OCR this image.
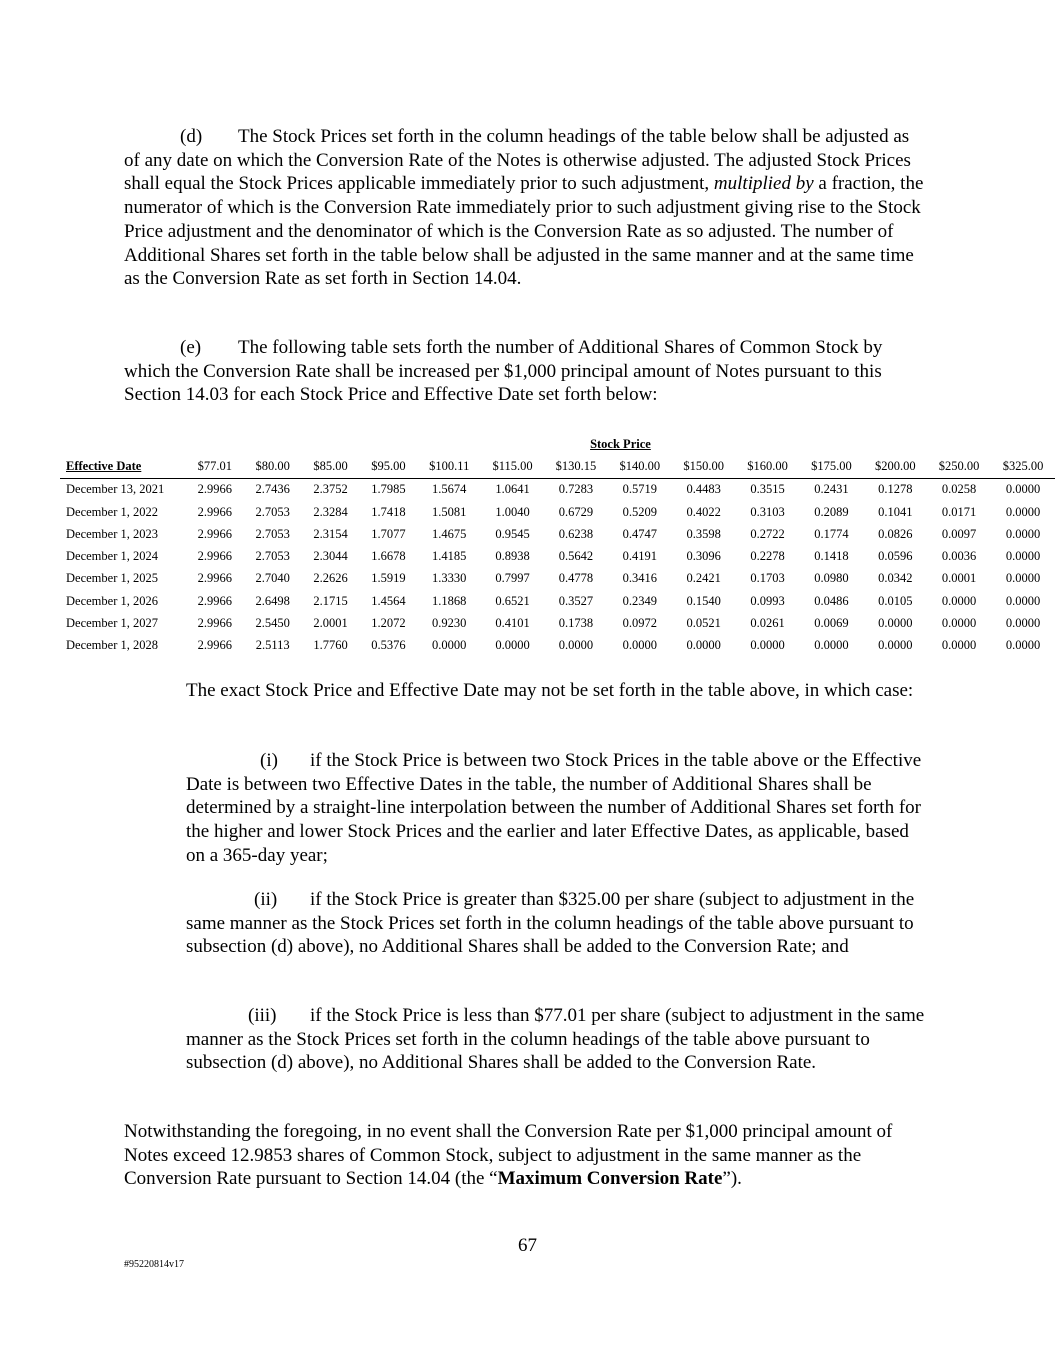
(d) The Stock Prices set forth in the column headings of the table below shall be adjusted as of any date on which the Conversion Rate of the Notes is otherwise adjusted. The adjusted Stock Prices shall equal the Stock Prices applicable immediately prior to such adjustment, multiplied by a fraction, the numerator of which is the Conversion Rate immediately prior to such adjustment giving rise to the Stock Price adjustment and the denominator of which is the Conversion Rate as so adjusted. The number of Additional Shares set forth in the table below shall be adjusted in the same manner and at the same time as the Conversion Rate as set forth in Section 14.04.

(e) The following table sets forth the number of Additional Shares of Common Stock by which the Conversion Rate shall be increased per $1,000 principal amount of Notes pursuant to this Section 14.03 for each Stock Price and Effective Date set forth below:

	Stock Price													
Effective Date	$77.01	$80.00	$85.00	$95.00	$100.11	$115.00	$130.15	$140.00	$150.00	$160.00	$175.00	$200.00	$250.00	$325.00
December 13, 2021	2.9966	2.7436	2.3752	1.7985	1.5674	1.0641	0.7283	0.5719	0.4483	0.3515	0.2431	0.1278	0.0258	0.0000
December 1, 2022	2.9966	2.7053	2.3284	1.7418	1.5081	1.0040	0.6729	0.5209	0.4022	0.3103	0.2089	0.1041	0.0171	0.0000
December 1, 2023	2.9966	2.7053	2.3154	1.7077	1.4675	0.9545	0.6238	0.4747	0.3598	0.2722	0.1774	0.0826	0.0097	0.0000
December 1, 2024	2.9966	2.7053	2.3044	1.6678	1.4185	0.8938	0.5642	0.4191	0.3096	0.2278	0.1418	0.0596	0.0036	0.0000
December 1, 2025	2.9966	2.7040	2.2626	1.5919	1.3330	0.7997	0.4778	0.3416	0.2421	0.1703	0.0980	0.0342	0.0001	0.0000
December 1, 2026	2.9966	2.6498	2.1715	1.4564	1.1868	0.6521	0.3527	0.2349	0.1540	0.0993	0.0486	0.0105	0.0000	0.0000
December 1, 2027	2.9966	2.5450	2.0001	1.2072	0.9230	0.4101	0.1738	0.0972	0.0521	0.0261	0.0069	0.0000	0.0000	0.0000
December 1, 2028	2.9966	2.5113	1.7760	0.5376	0.0000	0.0000	0.0000	0.0000	0.0000	0.0000	0.0000	0.0000	0.0000	0.0000

The exact Stock Price and Effective Date may not be set forth in the table above, in which case:

(i) if the Stock Price is between two Stock Prices in the table above or the Effective Date is between two Effective Dates in the table, the number of Additional Shares shall be determined by a straight-line interpolation between the number of Additional Shares set forth for the higher and lower Stock Prices and the earlier and later Effective Dates, as applicable, based on a 365-day year;

(ii) if the Stock Price is greater than $325.00 per share (subject to adjustment in the same manner as the Stock Prices set forth in the column headings of the table above pursuant to subsection (d) above), no Additional Shares shall be added to the Conversion Rate; and

(iii) if the Stock Price is less than $77.01 per share (subject to adjustment in the same manner as the Stock Prices set forth in the column headings of the table above pursuant to subsection (d) above), no Additional Shares shall be added to the Conversion Rate.

Notwithstanding the foregoing, in no event shall the Conversion Rate per $1,000 principal amount of Notes exceed 12.9853 shares of Common Stock, subject to adjustment in the same manner as the Conversion Rate pursuant to Section 14.04 (the “Maximum Conversion Rate”).

67
#95220814v17
